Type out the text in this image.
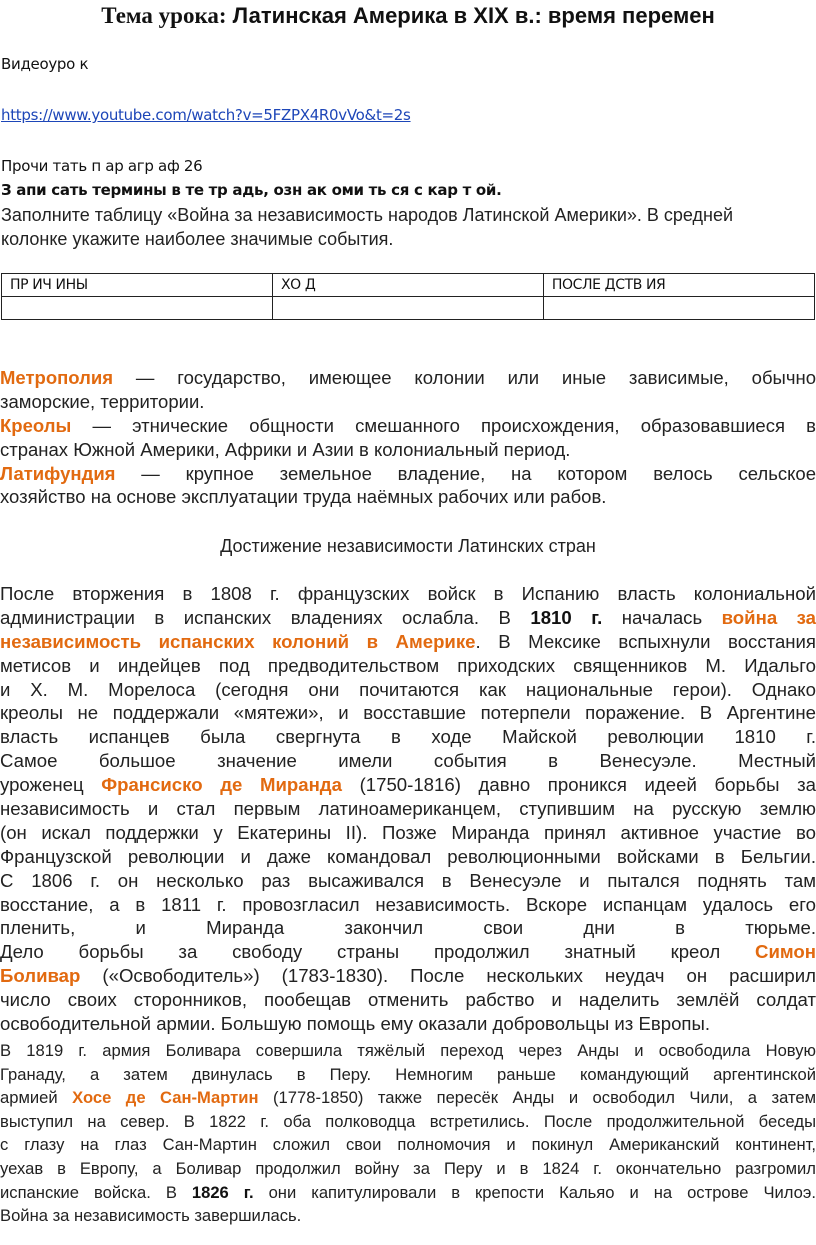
Тема урока: Латинская Америка в XIX в.: время перемен
Видеоуро к
https://www.youtube.com/watch?v=5FZPX4R0vVo&t=2s
Прочи тать п ар агр аф 26
З апи сать термины в те тр адь, озн ак оми ть ся с кар т ой.
Заполните таблицу «Война за независимость народов Латинской Америки». В средней
колонке укажите наиболее значимые события.
ПР ИЧ ИНЫ	ХО Д	ПОСЛЕ ДСТВ ИЯ

Метрополия — государство, имеющее колонии или иные зависимые, обычно
заморские, территории.
Креолы — этнические общности смешанного происхождения, образовавшиеся в
странах Южной Америки, Африки и Азии в колониальный период.
Латифундия — крупное земельное владение, на котором велось сельское
хозяйство на основе эксплуатации труда наёмных рабочих или рабов.
Достижение независимости Латинских стран
После вторжения в 1808 г. французских войск в Испанию власть колониальной
администрации в испанских владениях ослабла. В 1810 г. началась война за
независимость испанских колоний в Америке. В Мексике вспыхнули восстания
метисов и индейцев под предводительством приходских священников М. Идальго
и Х. М. Морелоса (сегодня они почитаются как национальные герои). Однако
креолы не поддержали «мятежи», и восставшие потерпели поражение. В Аргентине
власть испанцев была свергнута в ходе Майской революции 1810 г.
Самое большое значение имели события в Венесуэле. Местный
уроженец Франсиско де Миранда (1750-1816) давно проникся идеей борьбы за
независимость и стал первым латиноамериканцем, ступившим на русскую землю
(он искал поддержки у Екатерины II). Позже Миранда принял активное участие во
Французской революции и даже командовал революционными войсками в Бельгии.
С 1806 г. он несколько раз высаживался в Венесуэле и пытался поднять там
восстание, а в 1811 г. провозгласил независимость. Вскоре испанцам удалось его
пленить, и Миранда закончил свои дни в тюрьме.
Дело борьбы за свободу страны продолжил знатный креол Симон
Боливар («Освободитель») (1783-1830). После нескольких неудач он расширил
число своих сторонников, пообещав отменить рабство и наделить землёй солдат
освободительной армии. Большую помощь ему оказали добровольцы из Европы.
В 1819 г. армия Боливара совершила тяжёлый переход через Анды и освободила Новую
Гранаду, а затем двинулась в Перу. Немногим раньше командующий аргентинской
армией Хосе де Сан-Мартин (1778-1850) также пересёк Анды и освободил Чили, а затем
выступил на север. В 1822 г. оба полководца встретились. После продолжительной беседы
с глазу на глаз Сан-Мартин сложил свои полномочия и покинул Американский континент,
уехав в Европу, а Боливар продолжил войну за Перу и в 1824 г. окончательно разгромил
испанские войска. В 1826 г. они капитулировали в крепости Кальяо и на острове Чилоэ.
Война за независимость завершилась.
